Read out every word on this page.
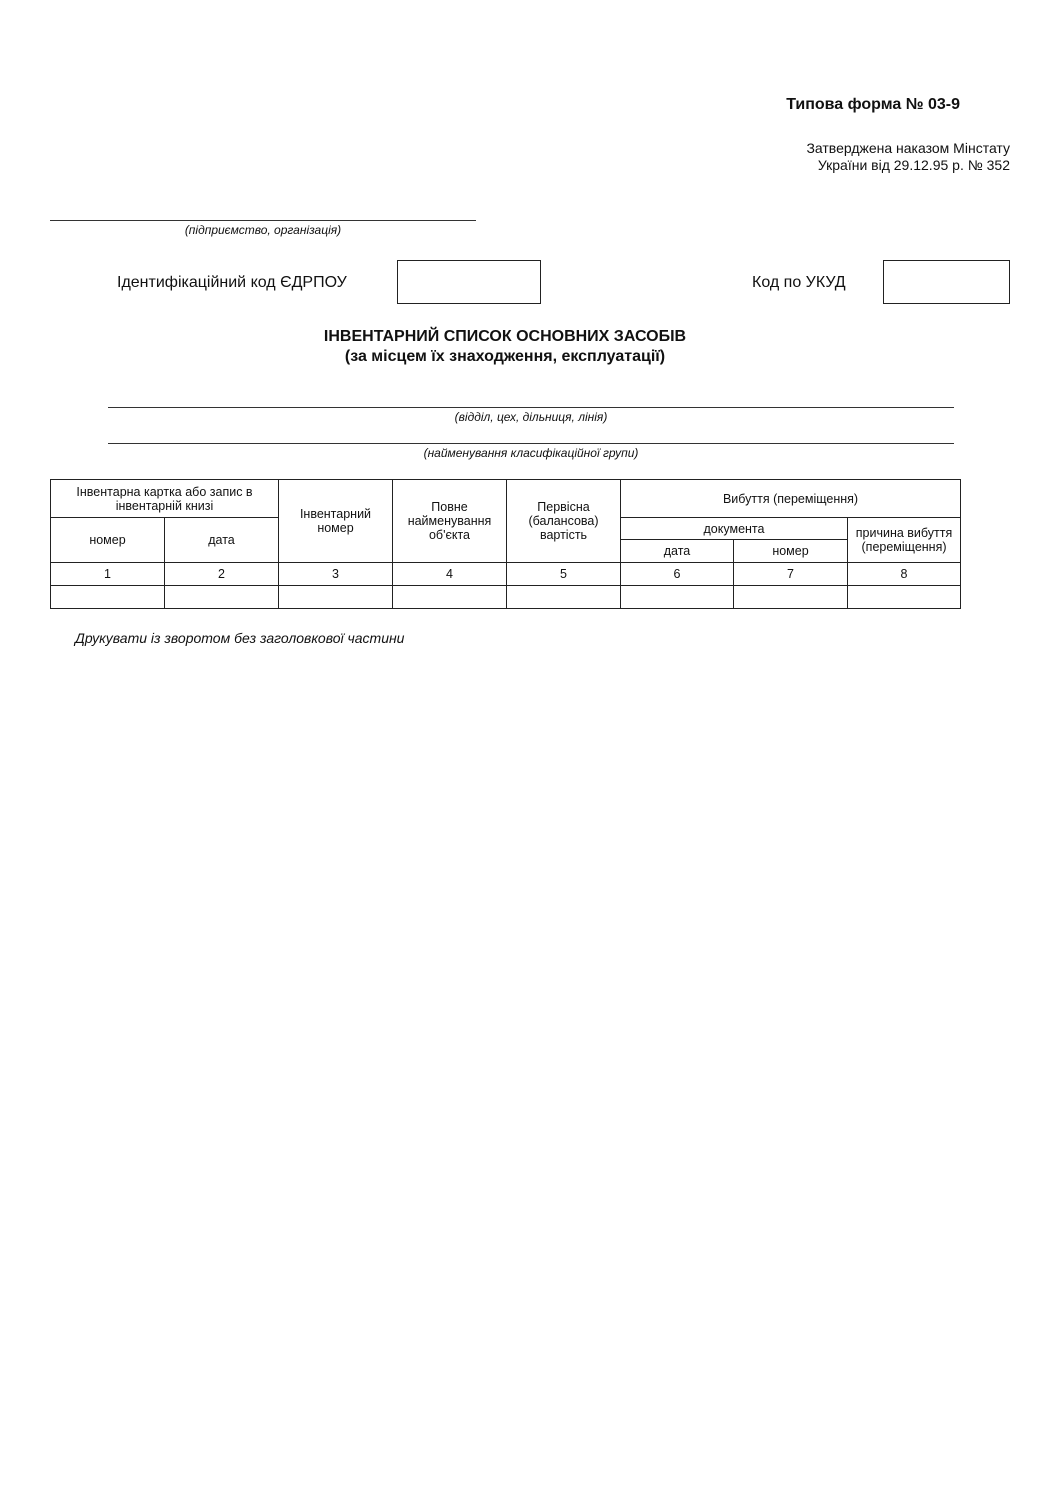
Типова форма № 03-9
Затверджена наказом Мінстату
України від 29.12.95 р. № 352
(підприємство, організація)
Ідентифікаційний код ЄДРПОУ	Код по УКУД
ІНВЕНТАРНИЙ СПИСОК ОСНОВНИХ ЗАСОБІВ
(за місцем їх знаходження, експлуатації)
(відділ, цех, дільниця, лінія)
(найменування класифікаційної групи)
Інвентарна картка або запис в інвентарній книзі		Інвентарний номер	Повне найменування об'єкта	Первісна (балансова) вартість	Вибуття (переміщення)		
номер	дата				документа		причина вибуття (переміщення)
					дата	номер	
1	2	3	4	5	6	7	8

Друкувати із зворотом без заголовкової частини
